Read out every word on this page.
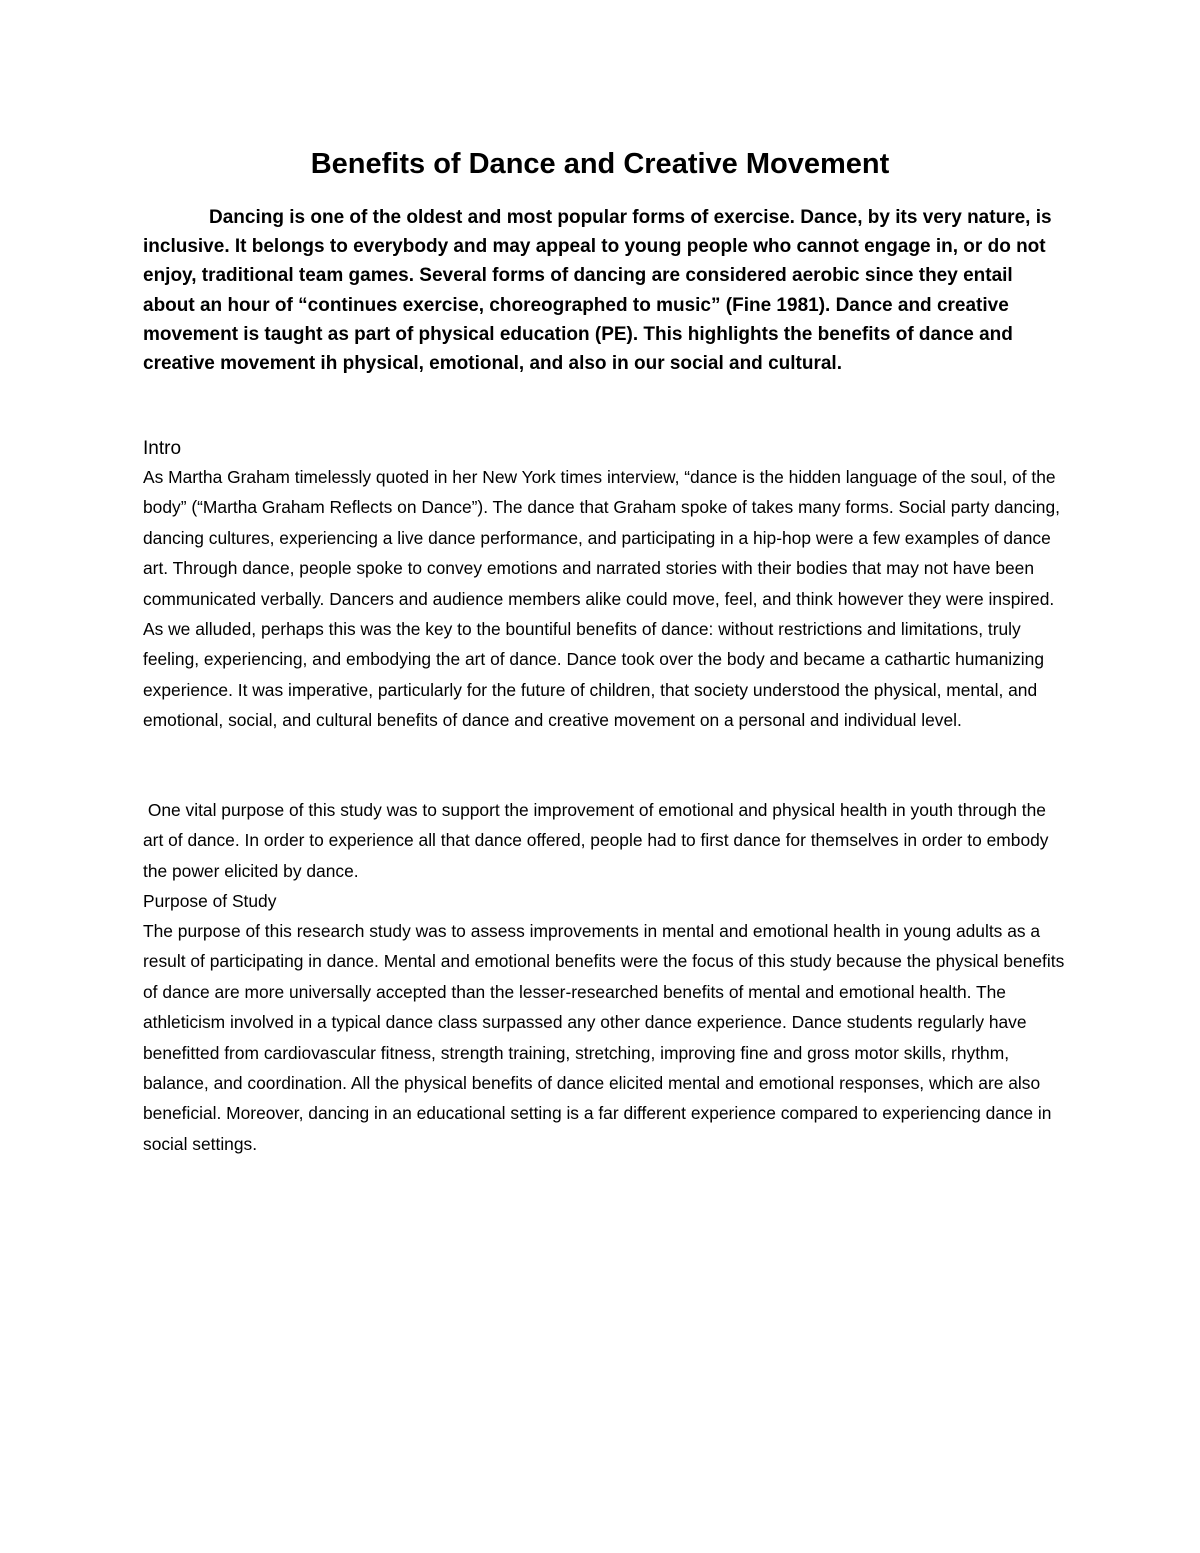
Benefits of Dance and Creative Movement

Dancing is one of the oldest and most popular forms of exercise. Dance, by its very nature, is inclusive. It belongs to everybody and may appeal to young people who cannot engage in, or do not enjoy, traditional team games. Several forms of dancing are considered aerobic since they entail about an hour of “continues exercise, choreographed to music” (Fine 1981). Dance and creative movement is taught as part of physical education (PE). This highlights the benefits of dance and creative movement ih physical, emotional, and also in our social and cultural.

Intro

As Martha Graham timelessly quoted in her New York times interview, “dance is the hidden language of the soul, of the body” (“Martha Graham Reflects on Dance”). The dance that Graham spoke of takes many forms. Social party dancing, dancing cultures, experiencing a live dance performance, and participating in a hip-hop were a few examples of dance art. Through dance, people spoke to convey emotions and narrated stories with their bodies that may not have been communicated verbally. Dancers and audience members alike could move, feel, and think however they were inspired. As we alluded, perhaps this was the key to the bountiful benefits of dance: without restrictions and limitations, truly feeling, experiencing, and embodying the art of dance. Dance took over the body and became a cathartic humanizing experience. It was imperative, particularly for the future of children, that society understood the physical, mental, and emotional, social, and cultural benefits of dance and creative movement on a personal and individual level.

One vital purpose of this study was to support the improvement of emotional and physical health in youth through the art of dance. In order to experience all that dance offered, people had to first dance for themselves in order to embody the power elicited by dance.

Purpose of Study

The purpose of this research study was to assess improvements in mental and emotional health in young adults as a result of participating in dance. Mental and emotional benefits were the focus of this study because the physical benefits of dance are more universally accepted than the lesser-researched benefits of mental and emotional health. The athleticism involved in a typical dance class surpassed any other dance experience. Dance students regularly have benefitted from cardiovascular fitness, strength training, stretching, improving fine and gross motor skills, rhythm, balance, and coordination. All the physical benefits of dance elicited mental and emotional responses, which are also beneficial. Moreover, dancing in an educational setting is a far different experience compared to experiencing dance in social settings.
